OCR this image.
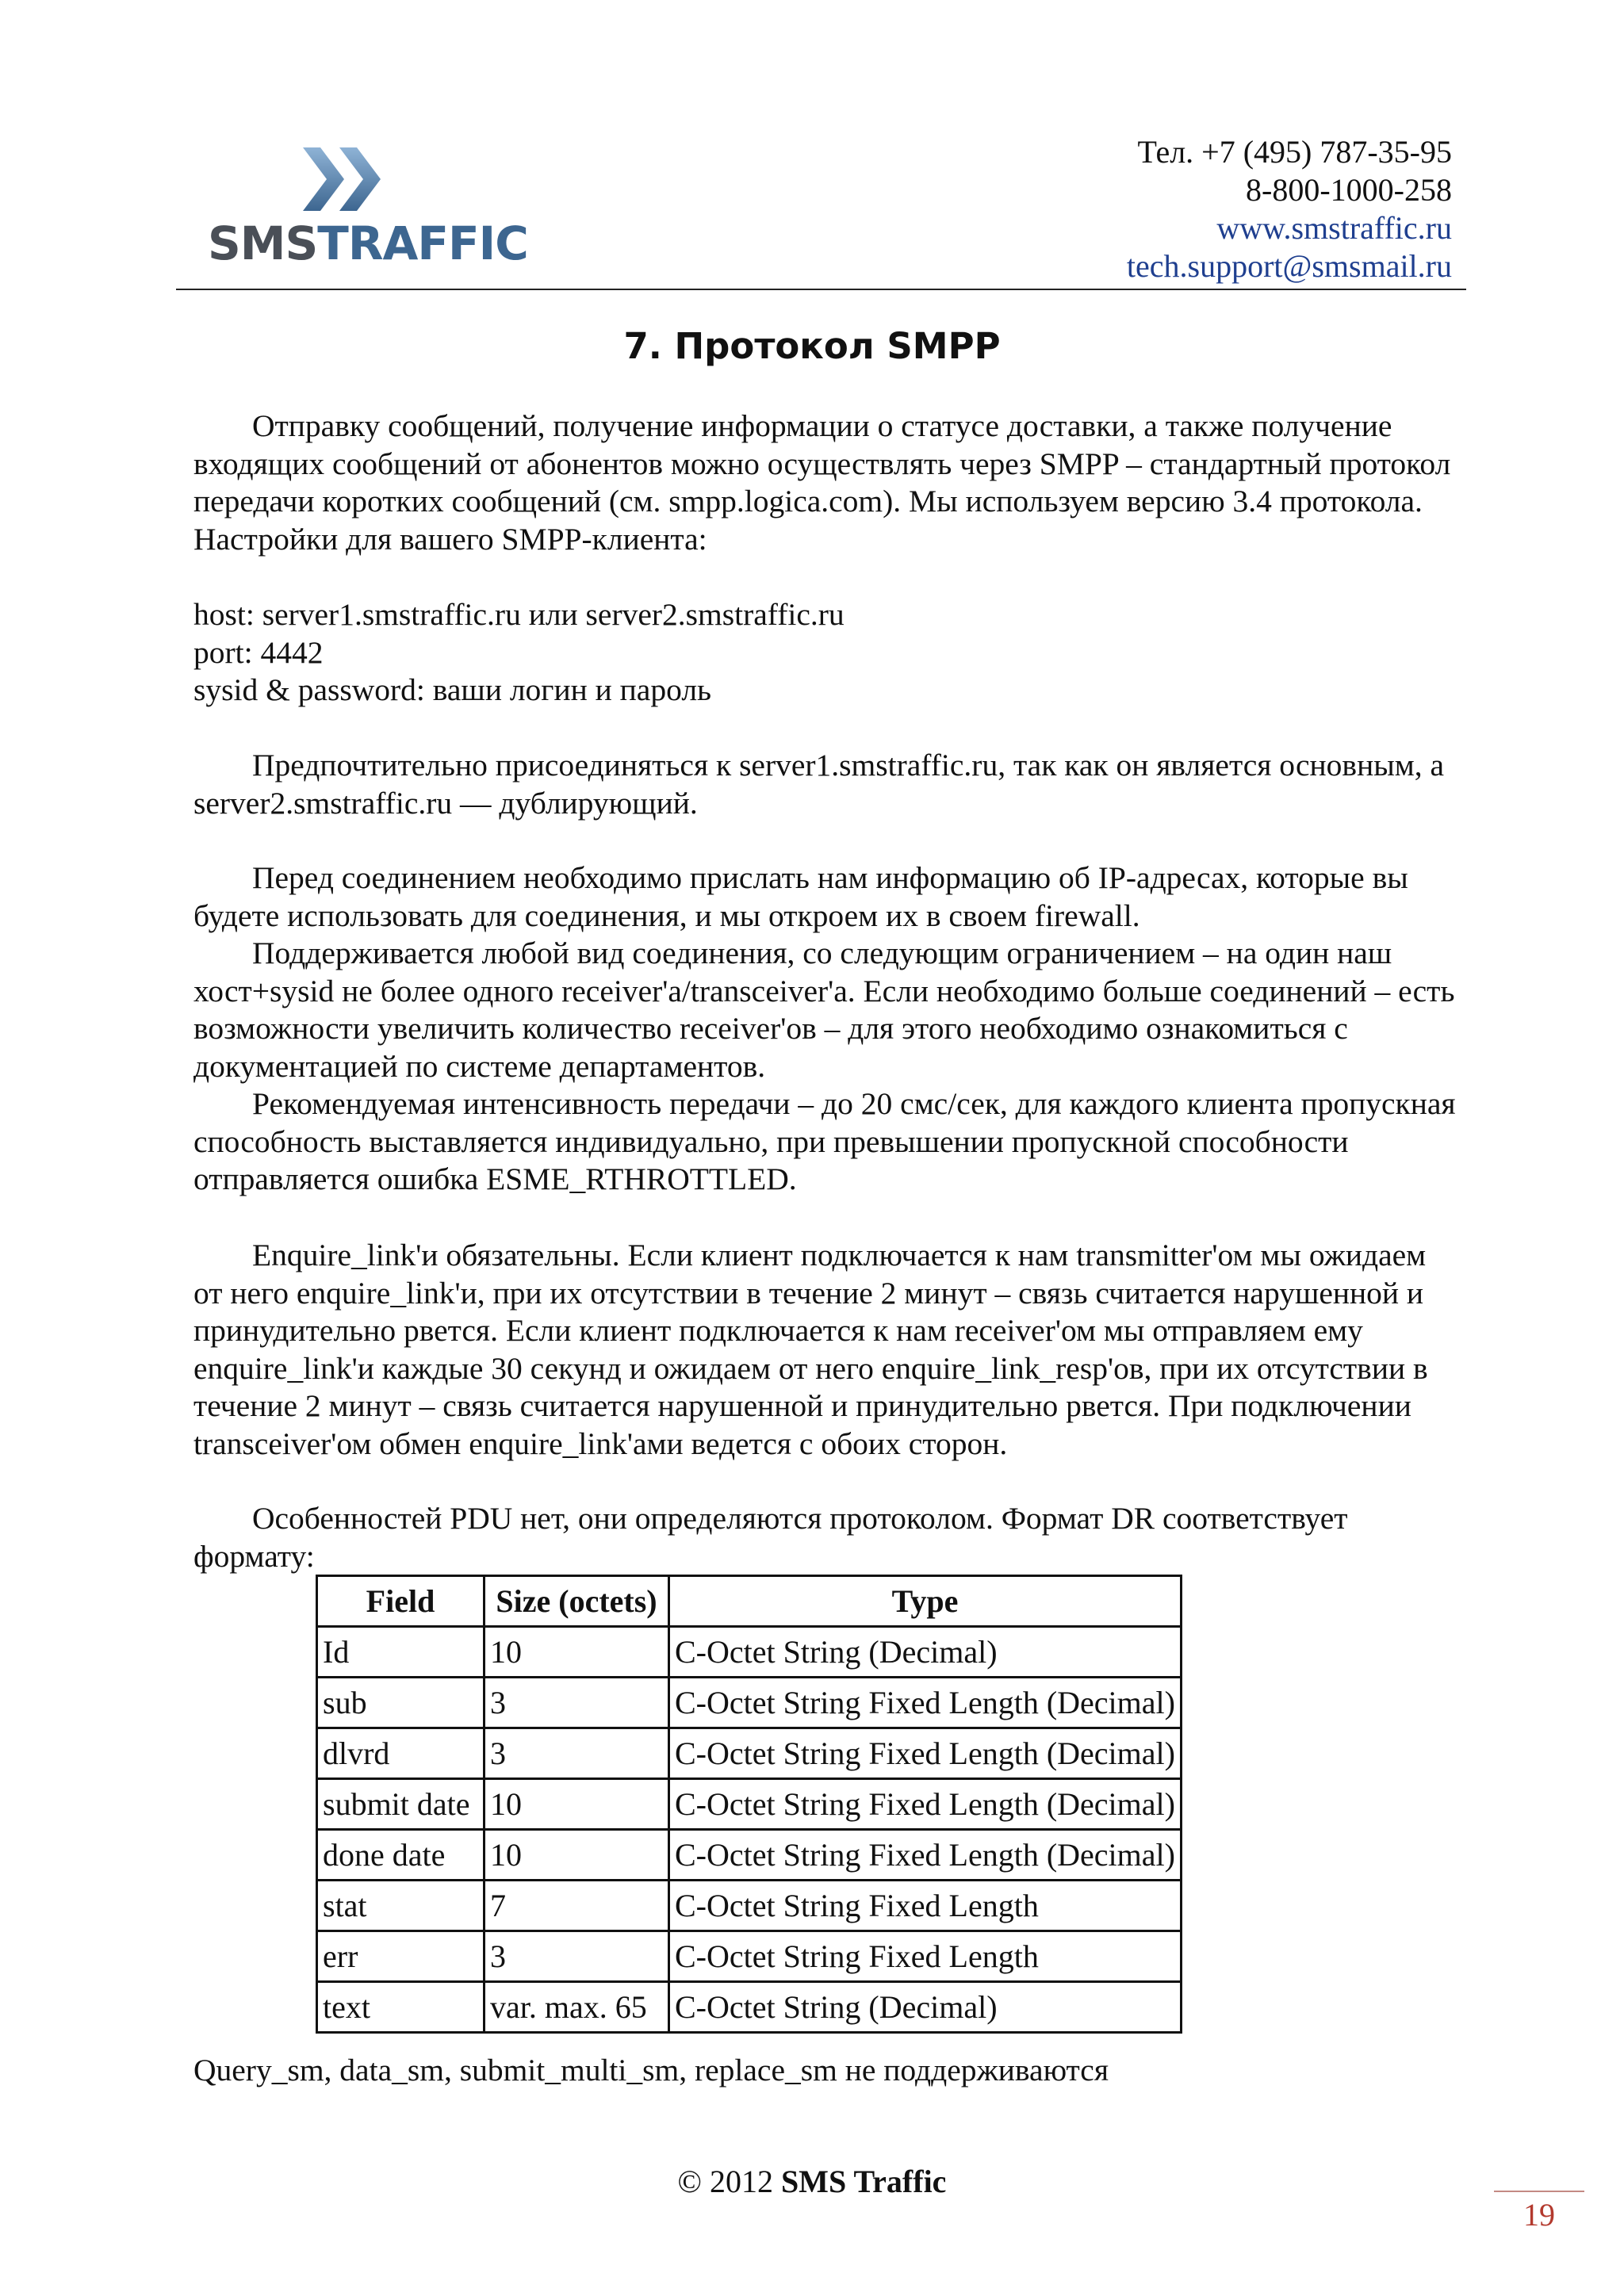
SMSTRAFFIC
Тел. +7 (495) 787-35-95
8-800-1000-258
www.smstraffic.ru
tech.support@smsmail.ru
7. Протокол SMPP

Отправку сообщений, получение информации о статусе доставки, а также получение входящих сообщений от абонентов можно осуществлять через SMPP – стандартный протокол передачи коротких сообщений (см. smpp.logica.com). Мы используем версию 3.4 протокола. Настройки для вашего SMPP-клиента:

host: server1.smstraffic.ru или server2.smstraffic.ru

port: 4442

sysid & password: ваши логин и пароль

Предпочтительно присоединяться к server1.smstraffic.ru, так как он является основным, а server2.smstraffic.ru — дублирующий.

Перед соединением необходимо прислать нам информацию об IP-адресах, которые вы будете использовать для соединения, и мы откроем их в своем firewall.

Поддерживается любой вид соединения, со следующим ограничением – на один наш хост+sysid не более одного receiver'а/transceiver'а. Если необходимо больше соединений – есть возможности увеличить количество receiver'ов – для этого необходимо ознакомиться с документацией по системе департаментов.

Рекомендуемая интенсивность передачи – до 20 смс/сек, для каждого клиента пропускная способность выставляется индивидуально, при превышении пропускной способности отправляется ошибка ESME_RTHROTTLED.

Enquire_link'и обязательны. Если клиент подключается к нам transmitter'ом мы ожидаем от него enquire_link'и, при их отсутствии в течение 2 минут – связь считается нарушенной и принудительно рвется. Если клиент подключается к нам receiver'ом мы отправляем ему enquire_link'и каждые 30 секунд и ожидаем от него enquire_link_resp'ов, при их отсутствии в течение 2 минут – связь считается нарушенной и принудительно рвется. При подключении transceiver'ом обмен enquire_link'ами ведется с обоих сторон.

Особенностей PDU нет, они определяются протоколом. Формат DR соответствует формату:

Field	Size (octets)	Type
Id	10	C-Octet String (Decimal)
sub	3	C-Octet String Fixed Length (Decimal)
dlvrd	3	C-Octet String Fixed Length (Decimal)
submit date	10	C-Octet String Fixed Length (Decimal)
done date	10	C-Octet String Fixed Length (Decimal)
stat	7	C-Octet String Fixed Length
err	3	C-Octet String Fixed Length
text	var. max. 65	C-Octet String (Decimal)

Query_sm, data_sm, submit_multi_sm, replace_sm не поддерживаются

© 2012 SMS Traffic
19
